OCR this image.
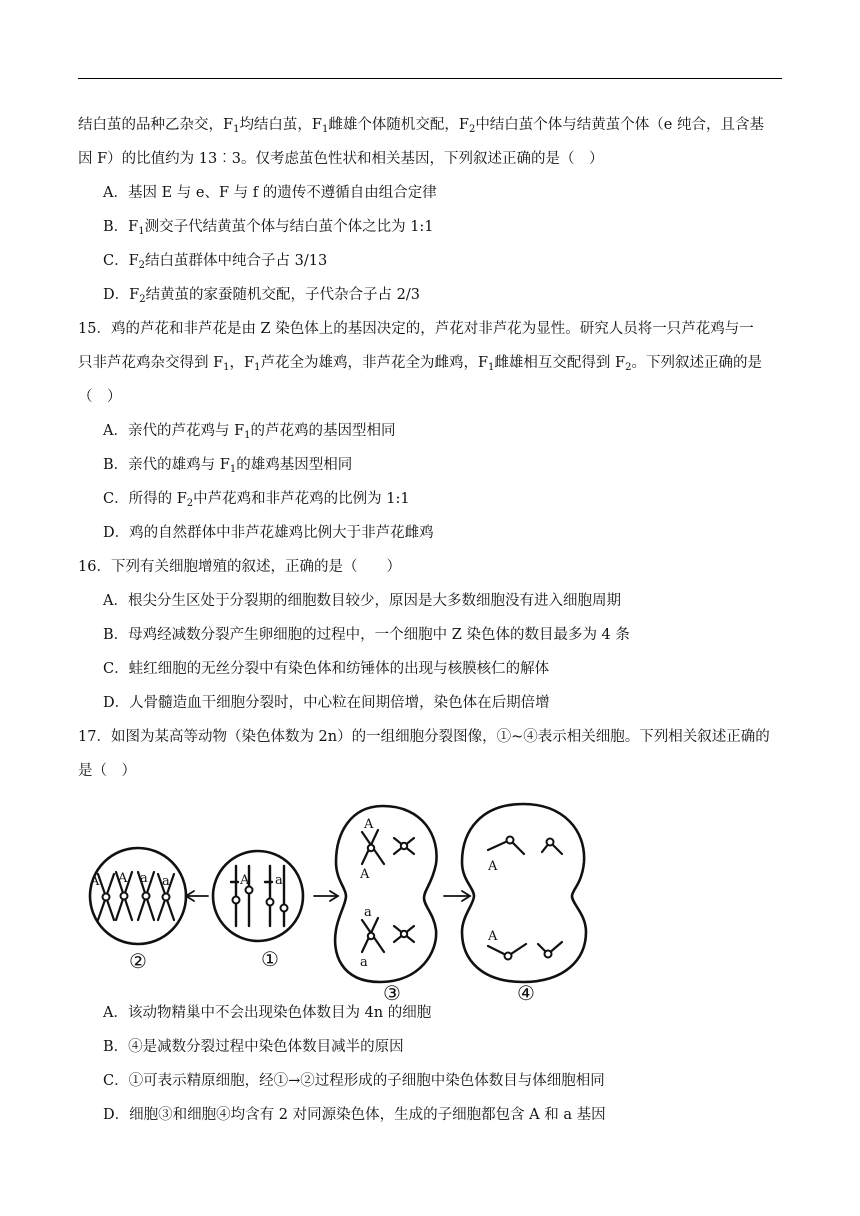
结白茧的品种乙杂交，$F_1$均结白茧，$F_1$雌雄个体随机交配，$F_2$中结白茧个体与结黄茧个体（e 纯合，且含基
因 F）的比值约为 13︰3。仅考虑茧色性状和相关基因，下列叙述正确的是（　）
A．基因 E 与 e、F 与 f 的遗传不遵循自由组合定律
B．$F_1$测交子代结黄茧个体与结白茧个体之比为 1:1
C．$F_2$结白茧群体中纯合子占 3/13
D．$F_2$结黄茧的家蚕随机交配，子代杂合子占 2/3
15．鸡的芦花和非芦花是由 Z 染色体上的基因决定的，芦花对非芦花为显性。研究人员将一只芦花鸡与一
只非芦花鸡杂交得到 $F_1$，$F_1$芦花全为雄鸡，非芦花全为雌鸡，$F_1$雌雄相互交配得到 $F_2$。下列叙述正确的是
（　）
A．亲代的芦花鸡与 $F_1$的芦花鸡的基因型相同
B．亲代的雄鸡与 $F_1$的雄鸡基因型相同
C．所得的 $F_2$中芦花鸡和非芦花鸡的比例为 1:1
D．鸡的自然群体中非芦花雄鸡比例大于非芦花雌鸡
16．下列有关细胞增殖的叙述，正确的是（　　）
A．根尖分生区处于分裂期的细胞数目较少，原因是大多数细胞没有进入细胞周期
B．母鸡经减数分裂产生卵细胞的过程中，一个细胞中 Z 染色体的数目最多为 4 条
C．蛙红细胞的无丝分裂中有染色体和纺锤体的出现与核膜核仁的解体
D．人骨髓造血干细胞分裂时，中心粒在间期倍增，染色体在后期倍增
17．如图为某高等动物（染色体数为 2n）的一组细胞分裂图像，①~④表示相关细胞。下列相关叙述正确的
是（　）
A A a a	A a
A
A
a
a
A
A
②	①
③	④
A．该动物精巢中不会出现染色体数目为 4n 的细胞
B．④是减数分裂过程中染色体数目减半的原因
C．①可表示精原细胞，经①→②过程形成的子细胞中染色体数目与体细胞相同
D．细胞③和细胞④均含有 2 对同源染色体，生成的子细胞都包含 A 和 a 基因
